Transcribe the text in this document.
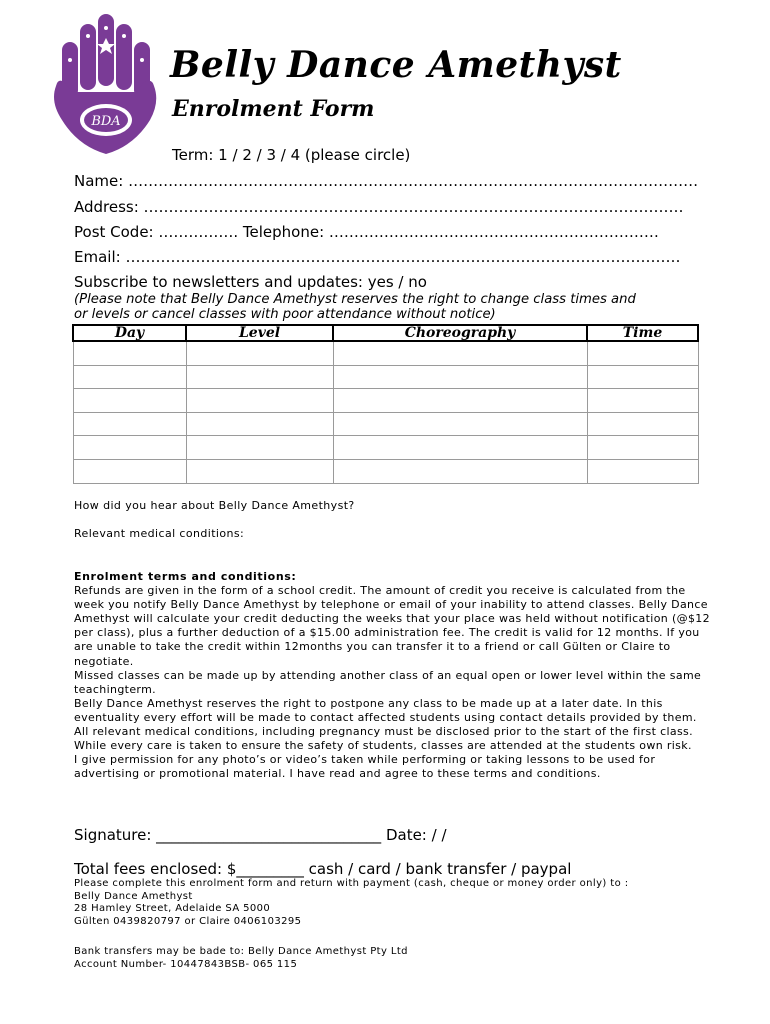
BDA
Belly Dance Amethyst
Enrolment Form
Term: 1 / 2 / 3 / 4 (please circle)
Name: ……………………………………………………………………………………………………
Address: ………………………………………………………………………………………………
Post Code: ……………. Telephone: …………………………………………………………
Email: …………………………………………………………………………………………………
Subscribe to newsletters and updates: yes / no
(Please note that Belly Dance Amethyst reserves the right to change class times and
or levels or cancel classes with poor attendance without notice)
Day	Level	Choreography	Time

How did you hear about Belly Dance Amethyst?
Relevant medical conditions:
Enrolment terms and conditions:
Refunds are given in the form of a school credit. The amount of credit you receive is calculated from the week you notify Belly Dance Amethyst by telephone or email of your inability to attend classes. Belly Dance Amethyst will calculate your credit deducting the weeks that your place was held without notification (@$12 per class), plus a further deduction of a $15.00 administration fee. The credit is valid for 12 months. If you are unable to take the credit within 12months you can transfer it to a friend or call Gülten or Claire to negotiate.
Missed classes can be made up by attending another class of an equal open or lower level within the same teachingterm.
Belly Dance Amethyst reserves the right to postpone any class to be made up at a later date. In this eventuality every effort will be made to contact affected students using contact details provided by them.
All relevant medical conditions, including pregnancy must be disclosed prior to the start of the first class. While every care is taken to ensure the safety of students, classes are attended at the students own risk.
I give permission for any photo’s or video’s taken while performing or taking lessons to be used for advertising or promotional material. I have read and agree to these terms and conditions.
Signature: ______________________________ Date: / /
Total fees enclosed: $_________ cash / card / bank transfer / paypal
Please complete this enrolment form and return with payment (cash, cheque or money order only) to :
Belly Dance Amethyst
28 Hamley Street, Adelaide SA 5000
Gülten 0439820797 or Claire 0406103295
Bank transfers may be bade to: Belly Dance Amethyst Pty Ltd
Account Number- 10447843BSB- 065 115
